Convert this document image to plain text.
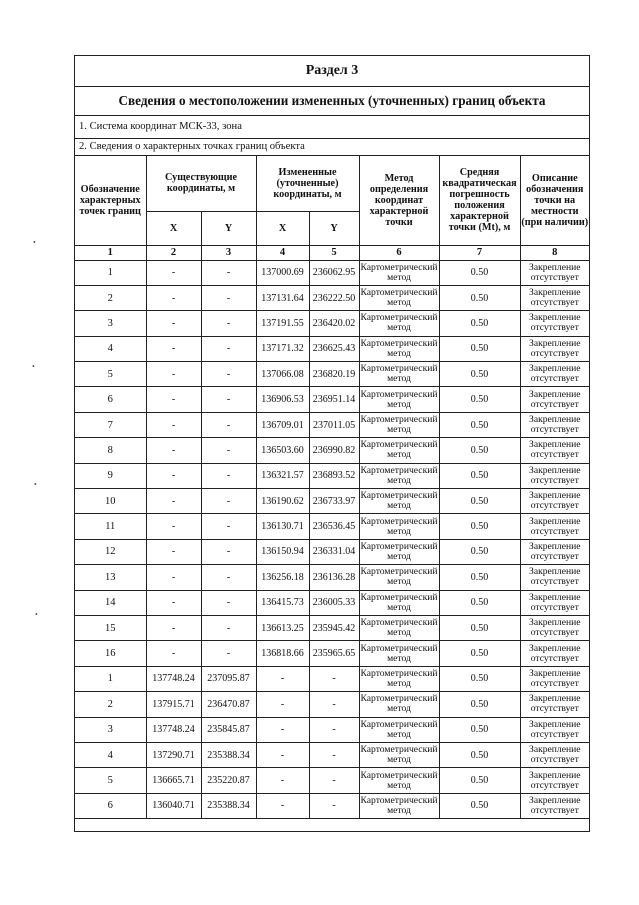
Раздел 3
Сведения о местоположении измененных (уточненных) границ объекта
1. Система координат МСК-33, зона
2. Сведения о характерных точках границ объекта
Обозначение характерных точек границ	Существующие координаты, м		Измененные (уточненные) координаты, м		Метод определения координат характерной точки	Средняя квадратическая погрешность положения характерной точки (Mt), м	Описание обозначения точки на местности (при наличии)
	X	Y	X	Y			
1	2	3	4	5	6	7	8
1	-	-	137000.69	236062.95	Картометрический метод	0.50	Закрепление отсутствует
2	-	-	137131.64	236222.50	Картометрический метод	0.50	Закрепление отсутствует
3	-	-	137191.55	236420.02	Картометрический метод	0.50	Закрепление отсутствует
4	-	-	137171.32	236625.43	Картометрический метод	0.50	Закрепление отсутствует
5	-	-	137066.08	236820.19	Картометрический метод	0.50	Закрепление отсутствует
6	-	-	136906.53	236951.14	Картометрический метод	0.50	Закрепление отсутствует
7	-	-	136709.01	237011.05	Картометрический метод	0.50	Закрепление отсутствует
8	-	-	136503.60	236990.82	Картометрический метод	0.50	Закрепление отсутствует
9	-	-	136321.57	236893.52	Картометрический метод	0.50	Закрепление отсутствует
10	-	-	136190.62	236733.97	Картометрический метод	0.50	Закрепление отсутствует
11	-	-	136130.71	236536.45	Картометрический метод	0.50	Закрепление отсутствует
12	-	-	136150.94	236331.04	Картометрический метод	0.50	Закрепление отсутствует
13	-	-	136256.18	236136.28	Картометрический метод	0.50	Закрепление отсутствует
14	-	-	136415.73	236005.33	Картометрический метод	0.50	Закрепление отсутствует
15	-	-	136613.25	235945.42	Картометрический метод	0.50	Закрепление отсутствует
16	-	-	136818.66	235965.65	Картометрический метод	0.50	Закрепление отсутствует
1	137748.24	237095.87	-	-	Картометрический метод	0.50	Закрепление отсутствует
2	137915.71	236470.87	-	-	Картометрический метод	0.50	Закрепление отсутствует
3	137748.24	235845.87	-	-	Картометрический метод	0.50	Закрепление отсутствует
4	137290.71	235388.34	-	-	Картометрический метод	0.50	Закрепление отсутствует
5	136665.71	235220.87	-	-	Картометрический метод	0.50	Закрепление отсутствует
6	136040.71	235388.34	-	-	Картометрический метод	0.50	Закрепление отсутствует
•
•
•
•
